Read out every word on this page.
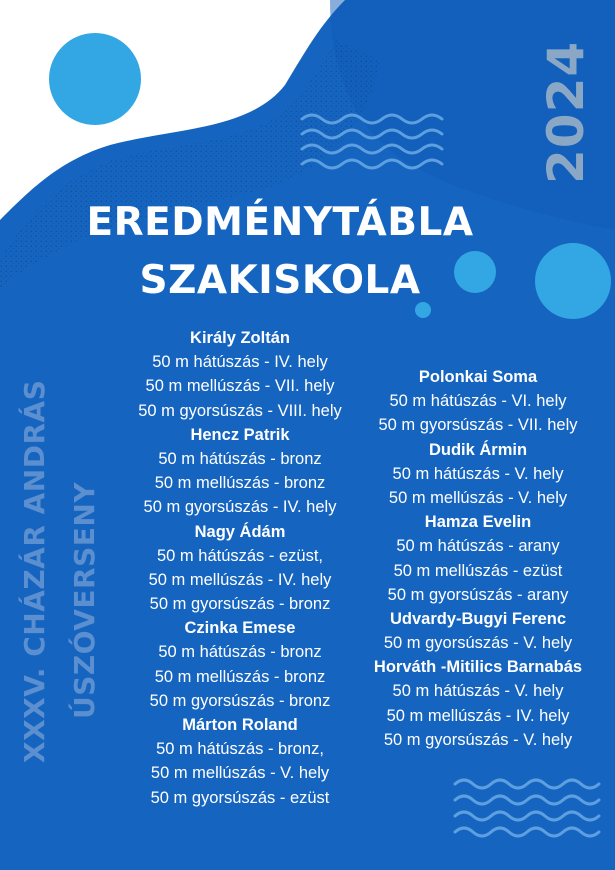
2024
EREDMÉNYTÁBLA
SZAKISKOLA
XXXV. CHÁZÁR ANDRÁS ÚSZÓVERSENY
Király Zoltán
50 m hátúszás - IV. hely
50 m mellúszás - VII. hely
50 m gyorsúszás - VIII. hely
Hencz Patrik
50 m hátúszás - bronz
50 m mellúszás - bronz
50 m gyorsúszás - IV. hely
Nagy Ádám
50 m hátúszás - ezüst,
50 m mellúszás - IV. hely
50 m gyorsúszás - bronz
Czinka Emese
50 m hátúszás - bronz
50 m mellúszás - bronz
50 m gyorsúszás - bronz
Márton Roland
50 m hátúszás - bronz,
50 m mellúszás - V. hely
50 m gyorsúszás - ezüst
Polonkai Soma
50 m hátúszás - VI. hely
50 m gyorsúszás - VII. hely
Dudik Ármin
50 m hátúszás - V. hely
50 m mellúszás - V. hely
Hamza Evelin
50 m hátúszás - arany
50 m mellúszás - ezüst
50 m gyorsúszás - arany
Udvardy-Bugyi Ferenc
50 m gyorsúszás - V. hely
Horváth -Mitilics Barnabás
50 m hátúszás - V. hely
50 m mellúszás - IV. hely
50 m gyorsúszás - V. hely
